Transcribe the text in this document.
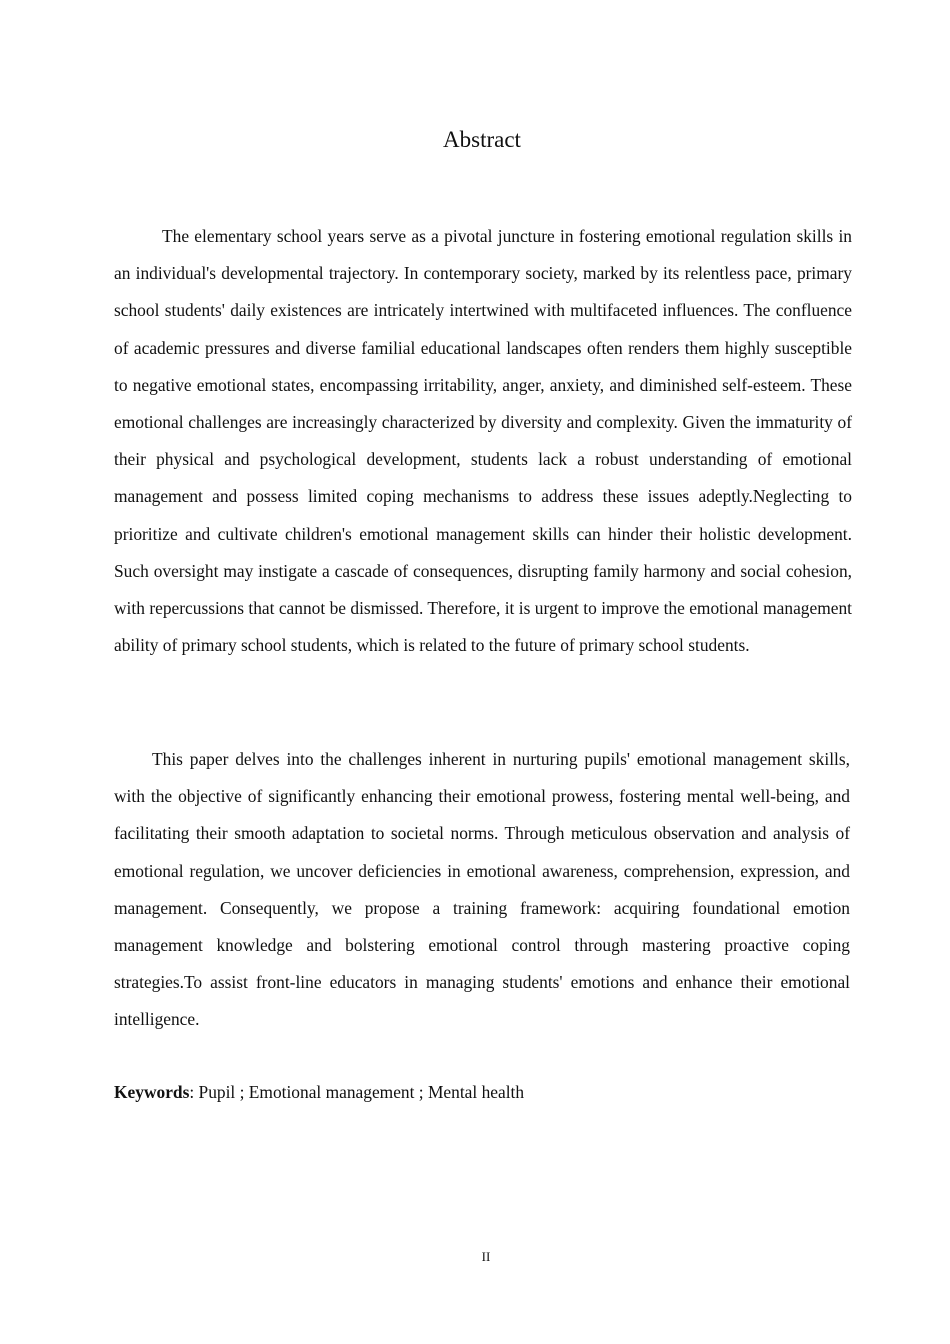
Abstract

The elementary school years serve as a pivotal juncture in fostering emotional regulation skills in an individual's developmental trajectory. In contemporary society, marked by its relentless pace, primary school students' daily existences are intricately intertwined with multifaceted influences. The confluence of academic pressures and diverse familial educational landscapes often renders them highly susceptible to negative emotional states, encompassing irritability, anger, anxiety, and diminished self-esteem. These emotional challenges are increasingly characterized by diversity and complexity. Given the immaturity of their physical and psychological development, students lack a robust understanding of emotional management and possess limited coping mechanisms to address these issues adeptly.Neglecting to prioritize and cultivate children's emotional management skills can hinder their holistic development. Such oversight may instigate a cascade of consequences, disrupting family harmony and social cohesion, with repercussions that cannot be dismissed. Therefore, it is urgent to improve the emotional management ability of primary school students, which is related to the future of primary school students.

This paper delves into the challenges inherent in nurturing pupils' emotional management skills, with the objective of significantly enhancing their emotional prowess, fostering mental well-being, and facilitating their smooth adaptation to societal norms. Through meticulous observation and analysis of emotional regulation, we uncover deficiencies in emotional awareness, comprehension, expression, and management. Consequently, we propose a training framework: acquiring foundational emotion management knowledge and bolstering emotional control through mastering proactive coping strategies.To assist front-line educators in managing students' emotions and enhance their emotional intelligence.

Keywords: Pupil ; Emotional management ; Mental health

II
